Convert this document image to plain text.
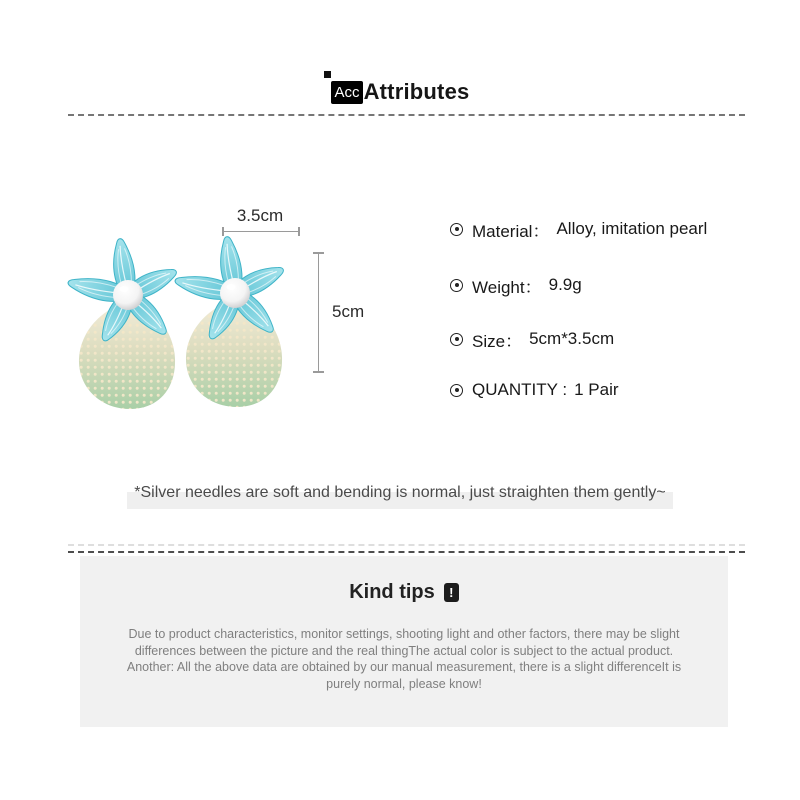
Acc Attributes
3.5cm
5cm
Material： Alloy, imitation pearl
Weight： 9.9g
Size： 5cm*3.5cm
QUANTITY : 1 Pair
*Silver needles are soft and bending is normal, just straighten them gently~
Kind tips !
Due to product characteristics, monitor settings, shooting light and other factors, there may be slight
differences between the picture and the real thingThe actual color is subject to the actual product.
Another: All the above data are obtained by our manual measurement, there is a slight differenceIt is
purely normal, please know!
